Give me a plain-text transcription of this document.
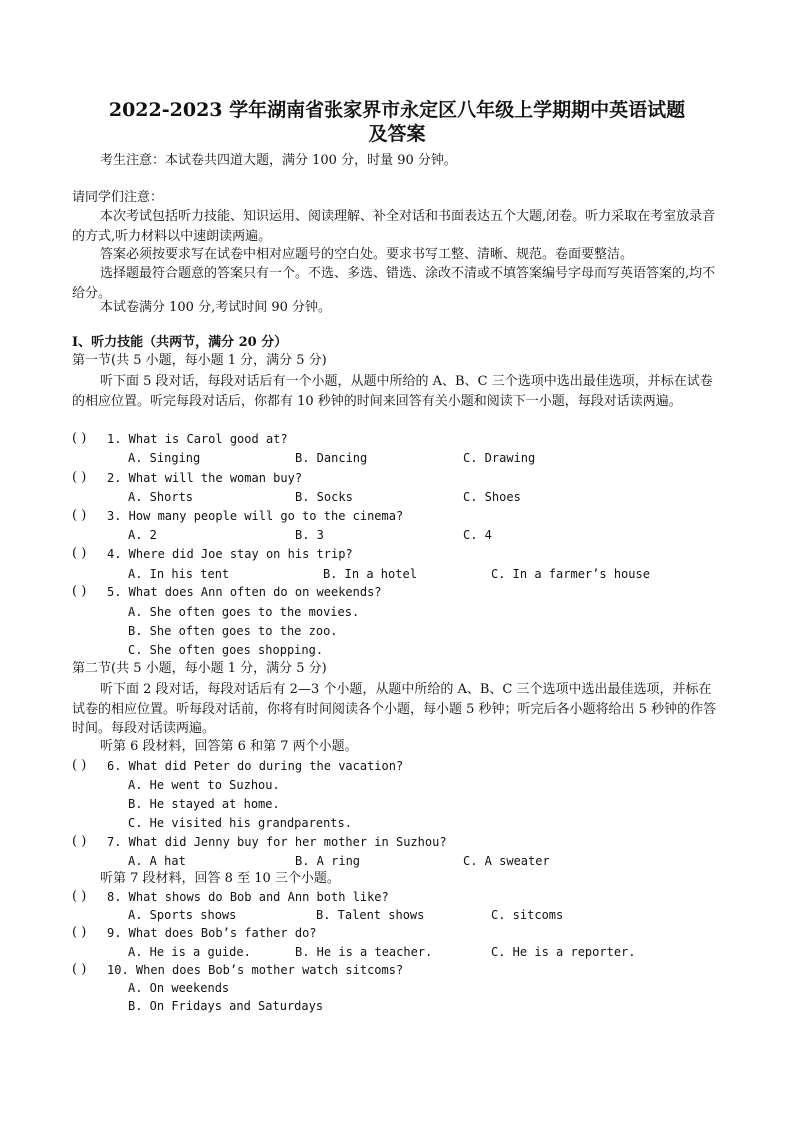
2022-2023 学年湖南省张家界市永定区八年级上学期期中英语试题
及答案
考生注意：本试卷共四道大题，满分 100 分，时量 90 分钟。
请同学们注意：
本次考试包括听力技能、知识运用、阅读理解、补全对话和书面表达五个大题,闭卷。听力采取在考室放录音的方式,听力材料以中速朗读两遍。
答案必须按要求写在试卷中相对应题号的空白处。要求书写工整、清晰、规范。卷面要整洁。
选择题最符合题意的答案只有一个。不选、多选、错选、涂改不清或不填答案编号字母而写英语答案的,均不给分。
本试卷满分 100 分,考试时间 90 分钟。
Ⅰ、听力技能（共两节，满分 20 分）
第一节(共 5 小题，每小题 1 分，满分 5 分)
听下面 5 段对话，每段对话后有一个小题，从题中所给的 A、B、C 三个选项中选出最佳选项，并标在试卷的相应位置。听完每段对话后，你都有 10 秒钟的时间来回答有关小题和阅读下一小题，每段对话读两遍。
( ) 1. What is Carol good at?
A. Singing	B. Dancing	C. Drawing
( ) 2. What will the woman buy?
A. Shorts	B. Socks	C. Shoes
( ) 3. How many people will go to the cinema?
A. 2	B. 3	C. 4
( ) 4. Where did Joe stay on his trip?
A. In his tent	B. In a hotel	C. In a farmer’s house
( ) 5. What does Ann often do on weekends?
A. She often goes to the movies.
B. She often goes to the zoo.
C. She often goes shopping.
第二节(共 5 小题，每小题 1 分，满分 5 分)
听下面 2 段对话，每段对话后有 2—3 个小题，从题中所给的 A、B、C 三个选项中选出最佳选项，并标在试卷的相应位置。听每段对话前，你将有时间阅读各个小题，每小题 5 秒钟；听完后各小题将给出 5 秒钟的作答时间。每段对话读两遍。
听第 6 段材料，回答第 6 和第 7 两个小题。
( ) 6. What did Peter do during the vacation?
A. He went to Suzhou.
B. He stayed at home.
C. He visited his grandparents.
( ) 7. What did Jenny buy for her mother in Suzhou?
A. A hat	B. A ring	C. A sweater
听第 7 段材料，回答 8 至 10 三个小题。
( ) 8. What shows do Bob and Ann both like?
A. Sports shows	B. Talent shows	C. sitcoms
( ) 9. What does Bob’s father do?
A. He is a guide.	B. He is a teacher.	C. He is a reporter.
( ) 10. When does Bob’s mother watch sitcoms?
A. On weekends
B. On Fridays and Saturdays
